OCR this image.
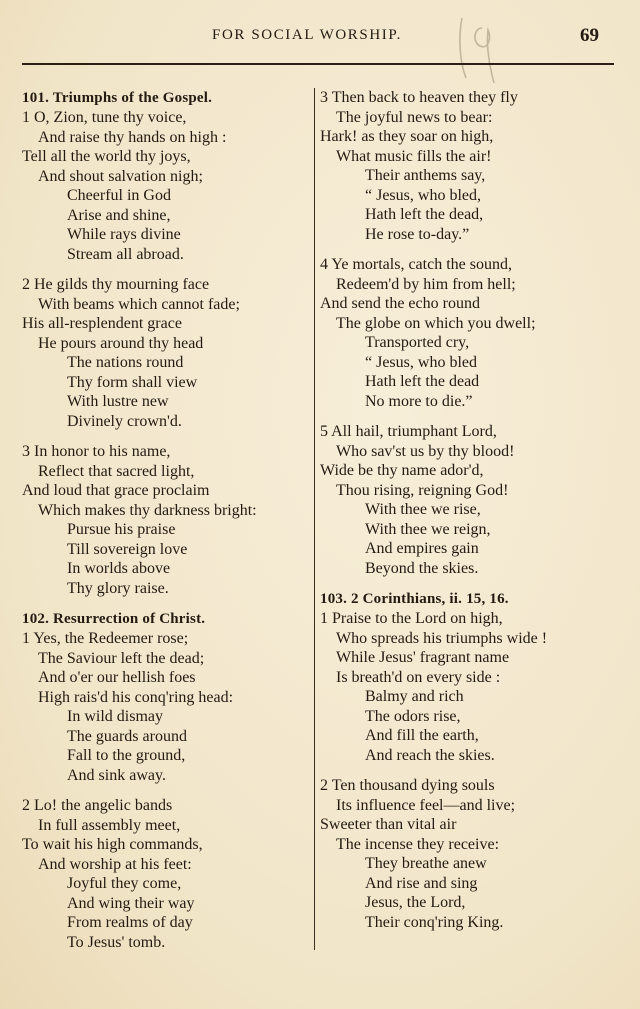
FOR SOCIAL WORSHIP.	69
101. Triumphs of the Gospel.
1 O, Zion, tune thy voice,
And raise thy hands on high :
Tell all the world thy joys,
And shout salvation nigh;
Cheerful in God
Arise and shine,
While rays divine
Stream all abroad.
2 He gilds thy mourning face
With beams which cannot fade;
His all-resplendent grace
He pours around thy head
The nations round
Thy form shall view
With lustre new
Divinely crown'd.
3 In honor to his name,
Reflect that sacred light,
And loud that grace proclaim
Which makes thy darkness bright:
Pursue his praise
Till sovereign love
In worlds above
Thy glory raise.
102. Resurrection of Christ.
1 Yes, the Redeemer rose;
The Saviour left the dead;
And o'er our hellish foes
High rais'd his conq'ring head:
In wild dismay
The guards around
Fall to the ground,
And sink away.
2 Lo! the angelic bands
In full assembly meet,
To wait his high commands,
And worship at his feet:
Joyful they come,
And wing their way
From realms of day
To Jesus' tomb.
3 Then back to heaven they fly
The joyful news to bear:
Hark! as they soar on high,
What music fills the air!
Their anthems say,
“ Jesus, who bled,
Hath left the dead,
He rose to-day.”
4 Ye mortals, catch the sound,
Redeem'd by him from hell;
And send the echo round
The globe on which you dwell;
Transported cry,
“ Jesus, who bled
Hath left the dead
No more to die.”
5 All hail, triumphant Lord,
Who sav'st us by thy blood!
Wide be thy name ador'd,
Thou rising, reigning God!
With thee we rise,
With thee we reign,
And empires gain
Beyond the skies.
103. 2 Corinthians, ii. 15, 16.
1 Praise to the Lord on high,
Who spreads his triumphs wide !
While Jesus' fragrant name
Is breath'd on every side :
Balmy and rich
The odors rise,
And fill the earth,
And reach the skies.
2 Ten thousand dying souls
Its influence feel—and live;
Sweeter than vital air
The incense they receive:
They breathe anew
And rise and sing
Jesus, the Lord,
Their conq'ring King.
